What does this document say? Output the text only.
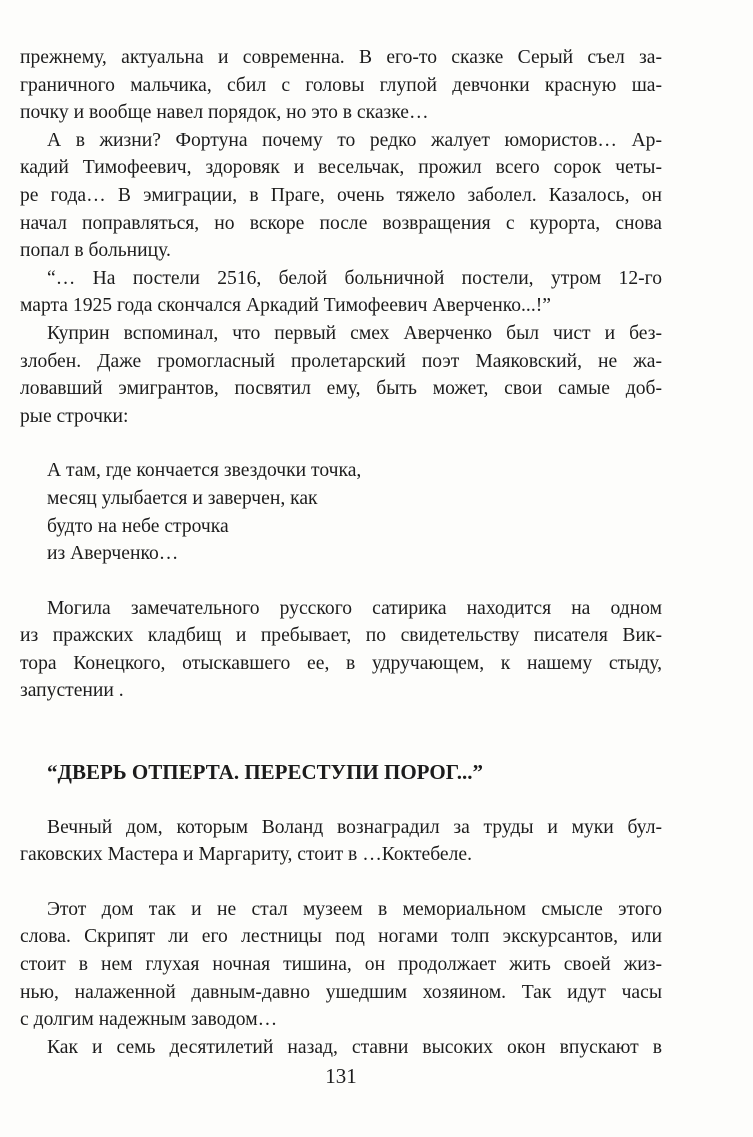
прежнему, актуальна и современна. В его-то сказке Серый съел за-
граничного мальчика, сбил с головы глупой девчонки красную ша-
почку и вообще навел порядок, но это в сказке…
А в жизни? Фортуна почему то редко жалует юмористов… Ар-
кадий Тимофеевич, здоровяк и весельчак, прожил всего сорок четы-
ре года… В эмиграции, в Праге, очень тяжело заболел. Казалось, он
начал поправляться, но вскоре после возвращения с курорта, снова
попал в больницу.
“… На постели 2516, белой больничной постели, утром 12-го
марта 1925 года скончался Аркадий Тимофеевич Аверченко...!”
Куприн вспоминал, что первый смех Аверченко был чист и без-
злобен. Даже громогласный пролетарский поэт Маяковский, не жа-
ловавший эмигрантов, посвятил ему, быть может, свои самые доб-
рые строчки:
А там, где кончается звездочки точка,
месяц улыбается и заверчен, как
будто на небе строчка
из Аверченко…
Могила замечательного русского сатирика находится на одном
из пражских кладбищ и пребывает, по свидетельству писателя Вик-
тора Конецкого, отыскавшего ее, в удручающем, к нашему стыду,
запустении .
“ДВЕРЬ ОТПЕРТА. ПЕРЕСТУПИ ПОРОГ...”
Вечный дом, которым Воланд вознаградил за труды и муки бул-
гаковских Мастера и Маргариту, стоит в …Коктебеле.
Этот дом так и не стал музеем в мемориальном смысле этого
слова. Скрипят ли его лестницы под ногами толп экскурсантов, или
стоит в нем глухая ночная тишина, он продолжает жить своей жиз-
нью, налаженной давным-давно ушедшим хозяином. Так идут часы
с долгим надежным заводом…
Как и семь десятилетий назад, ставни высоких окон впускают в
131
